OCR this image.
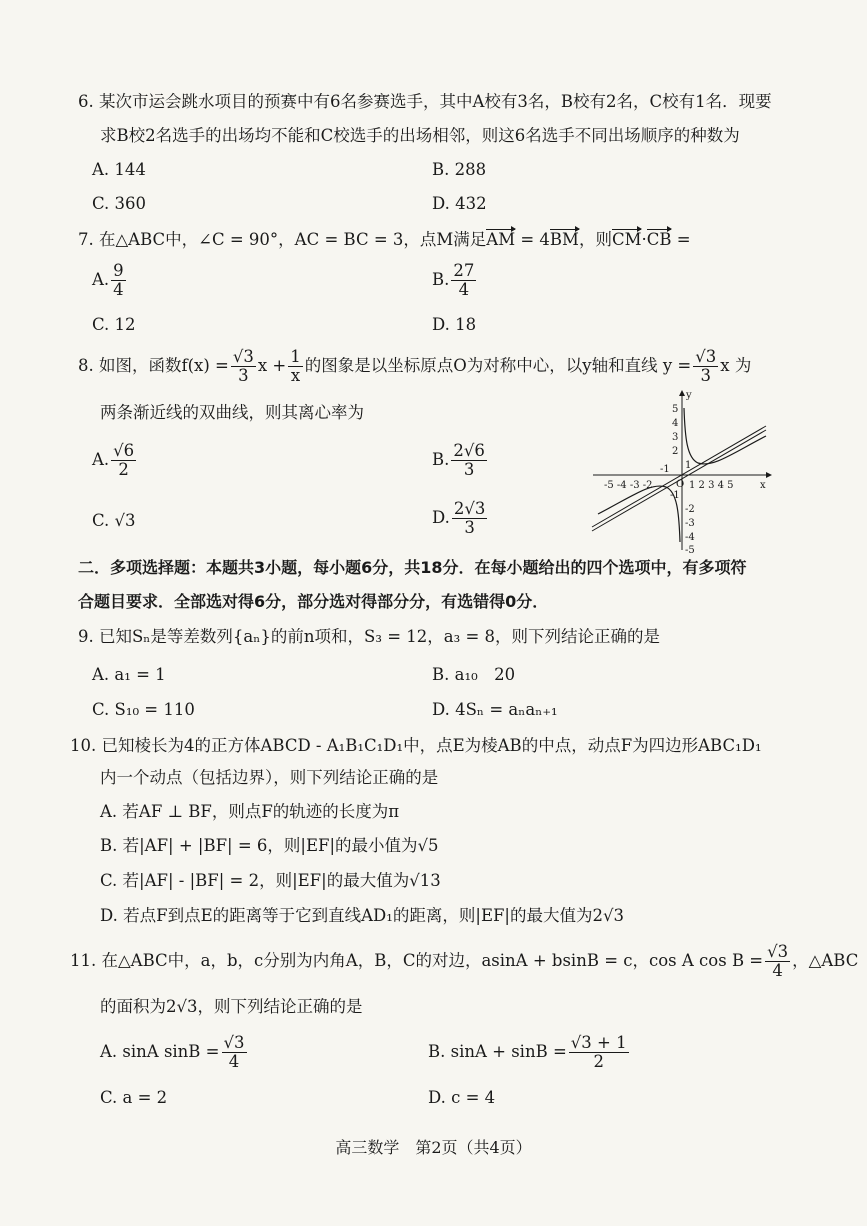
6. 某次市运会跳水项目的预赛中有6名参赛选手，其中A校有3名，B校有2名，C校有1名．现要
求B校2名选手的出场均不能和C校选手的出场相邻，则这6名选手不同出场顺序的种数为
A. 144	B. 288
C. 360	D. 432
7. 在△ABC中，∠C = 90°，AC = BC = 3，点M满足AM = 4BM，则CM·CB =
A. $\frac{9}{4}$	B. $\frac{27}{4}$
C. 12	D. 18
8. 如图，函数$f(x) = \frac{√3}{3}$ $x + \frac{1}{x}$ 的图象是以坐标原点O为对称中心，以y轴和直线 $y = \frac{√3}{3}$ x 为
两条渐近线的双曲线，则其离心率为
A. $\frac{√6}{2}$	B. $\frac{2√6}{3}$
C. √3	D. $\frac{2√3}{3}$
y
x
O
5
4
3
2
1
-1
-2
-3
-4
-5
-5 -4 -3 -2	1 2 3 4 5
-1
二．多项选择题：本题共3小题，每小题6分，共18分．在每小题给出的四个选项中，有多项符
合题目要求．全部选对得6分，部分选对得部分分，有选错得0分．
9. 已知Sₙ是等差数列{aₙ}的前n项和，S₃ = 12，a₃ = 8，则下列结论正确的是
A. a₁ = 1	B. a₁₀　20
C. S₁₀ = 110	D. 4Sₙ = aₙaₙ₊₁
10. 已知棱长为4的正方体ABCD - A₁B₁C₁D₁中，点E为棱AB的中点，动点F为四边形ABC₁D₁
内一个动点（包括边界），则下列结论正确的是
A. 若AF ⊥ BF，则点F的轨迹的长度为π
B. 若|AF| + |BF| = 6，则|EF|的最小值为√5
C. 若|AF| - |BF| = 2，则|EF|的最大值为√13
D. 若点F到点E的距离等于它到直线AD₁的距离，则|EF|的最大值为2√3
11. 在△ABC中，a，b，c分别为内角A，B，C的对边，asinA + bsinB = c，cos A $\cos B = \frac{√3}{4}$ ，△ABC
的面积为2√3，则下列结论正确的是
A. sinA $\sin B = \frac{√3}{4}$	B. $\sin A + \sin B = \frac{√3 + 1}{2}$
C. a = 2	D. c = 4
高三数学　第2页（共4页）
